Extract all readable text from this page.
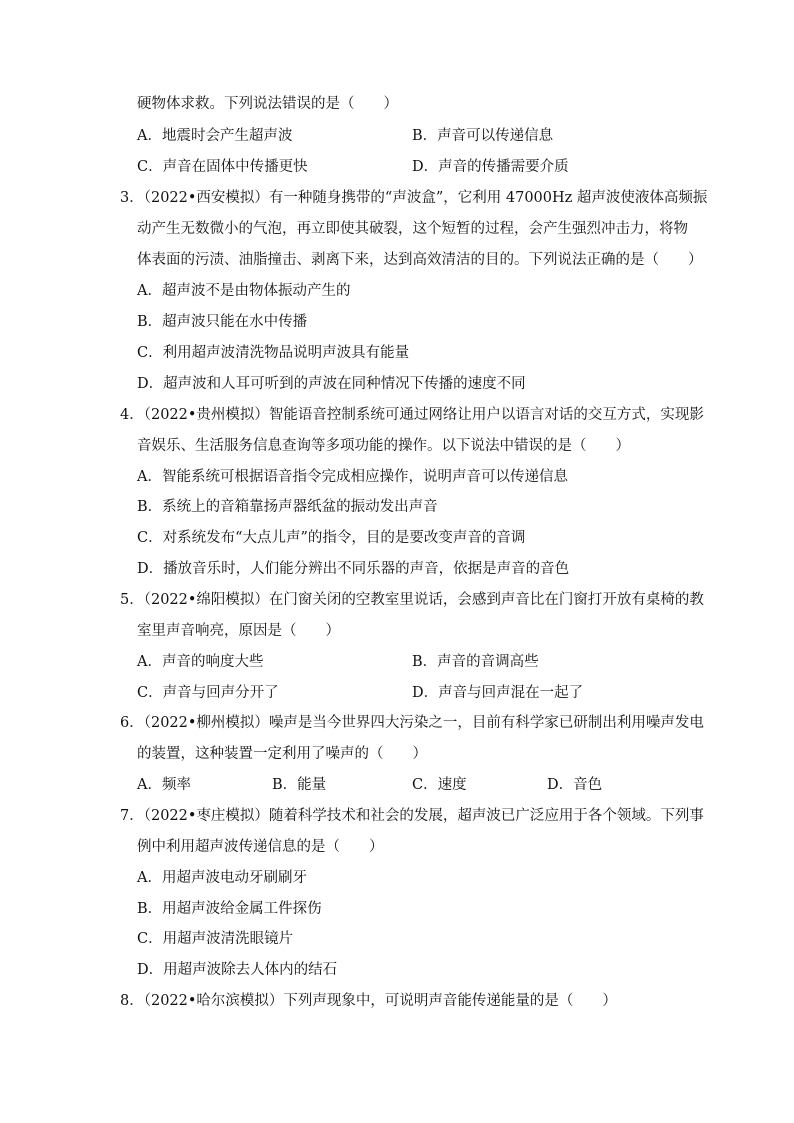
硬物体求救。下列说法错误的是（　　）
A．地震时会产生超声波	B．声音可以传递信息
C．声音在固体中传播更快	D．声音的传播需要介质
3．（2022•西安模拟）有一种随身携带的“声波盒”，它利用 47000Hz 超声波使液体高频振
动产生无数微小的气泡，再立即使其破裂，这个短暂的过程，会产生强烈冲击力，将物
体表面的污渍、油脂撞击、剥离下来，达到高效清洁的目的。下列说法正确的是（　　）
A．超声波不是由物体振动产生的
B．超声波只能在水中传播
C．利用超声波清洗物品说明声波具有能量
D．超声波和人耳可听到的声波在同种情况下传播的速度不同
4．（2022•贵州模拟）智能语音控制系统可通过网络让用户以语言对话的交互方式，实现影
音娱乐、生活服务信息查询等多项功能的操作。以下说法中错误的是（　　）
A．智能系统可根据语音指令完成相应操作，说明声音可以传递信息
B．系统上的音箱靠扬声器纸盆的振动发出声音
C．对系统发布“大点儿声”的指令，目的是要改变声音的音调
D．播放音乐时，人们能分辨出不同乐器的声音，依据是声音的音色
5．（2022•绵阳模拟）在门窗关闭的空教室里说话，会感到声音比在门窗打开放有桌椅的教
室里声音响亮，原因是（　　）
A．声音的响度大些	B．声音的音调高些
C．声音与回声分开了	D．声音与回声混在一起了
6．（2022•柳州模拟）噪声是当今世界四大污染之一，目前有科学家已研制出利用噪声发电
的装置，这种装置一定利用了噪声的（　　）
A．频率	B．能量	C．速度	D．音色
7．（2022•枣庄模拟）随着科学技术和社会的发展，超声波已广泛应用于各个领域。下列事
例中利用超声波传递信息的是（　　）
A．用超声波电动牙刷刷牙
B．用超声波给金属工件探伤
C．用超声波清洗眼镜片
D．用超声波除去人体内的结石
8．（2022•哈尔滨模拟）下列声现象中，可说明声音能传递能量的是（　　）
